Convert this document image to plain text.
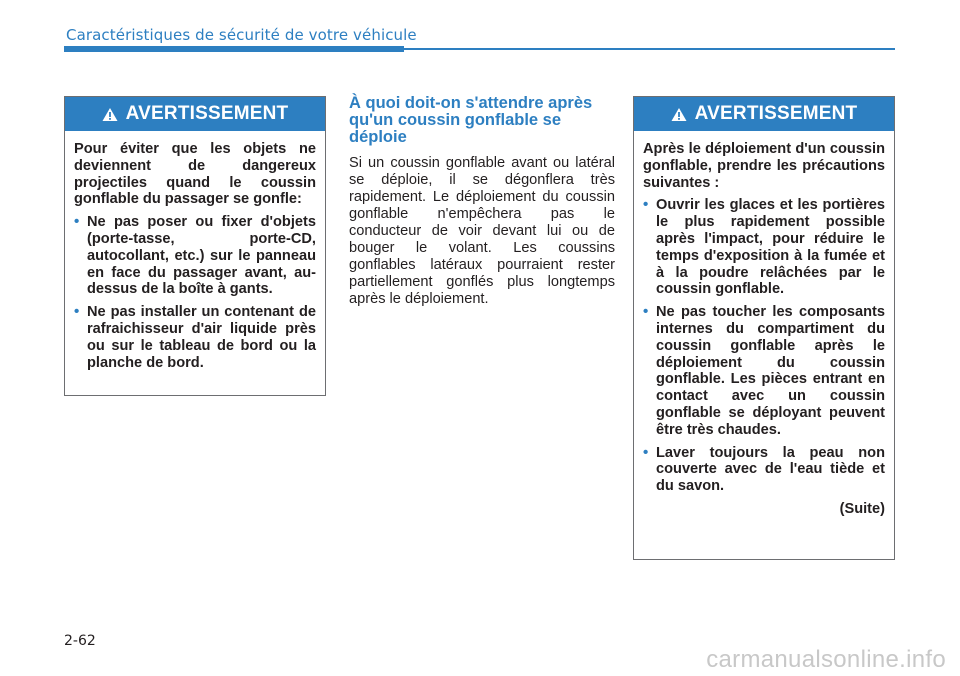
Caractéristiques de sécurité de votre véhicule
AVERTISSEMENT

Pour éviter que les objets ne deviennent de dangereux projectiles quand le coussin gonflable du passager se gonfle:

• Ne pas poser ou fixer d'objets (porte-tasse, porte-CD, autocollant, etc.) sur le panneau en face du passager avant, au-dessus de la boîte à gants.
• Ne pas installer un contenant de rafraichisseur d'air liquide près ou sur le tableau de bord ou la planche de bord.
À quoi doit-on s'attendre après qu'un coussin gonflable se déploie
Si un coussin gonflable avant ou latéral se déploie, il se dégonflera très rapidement. Le déploiement du coussin gonflable n'empêchera pas le conducteur de voir devant lui ou de bouger le volant. Les coussins gonflables latéraux pourraient rester partiellement gonflés plus longtemps après le déploiement.
AVERTISSEMENT

Après le déploiement d'un coussin gonflable, prendre les précautions suivantes :

• Ouvrir les glaces et les portières le plus rapidement possible après l'impact, pour réduire le temps d'exposition à la fumée et à la poudre relâchées par le coussin gonflable.
• Ne pas toucher les composants internes du compartiment du coussin gonflable après le déploiement du coussin gonflable. Les pièces entrant en contact avec un coussin gonflable se déployant peuvent être très chaudes.
• Laver toujours la peau non couverte avec de l'eau tiède et du savon.
(Suite)
2-62
carmanualsonline.info
